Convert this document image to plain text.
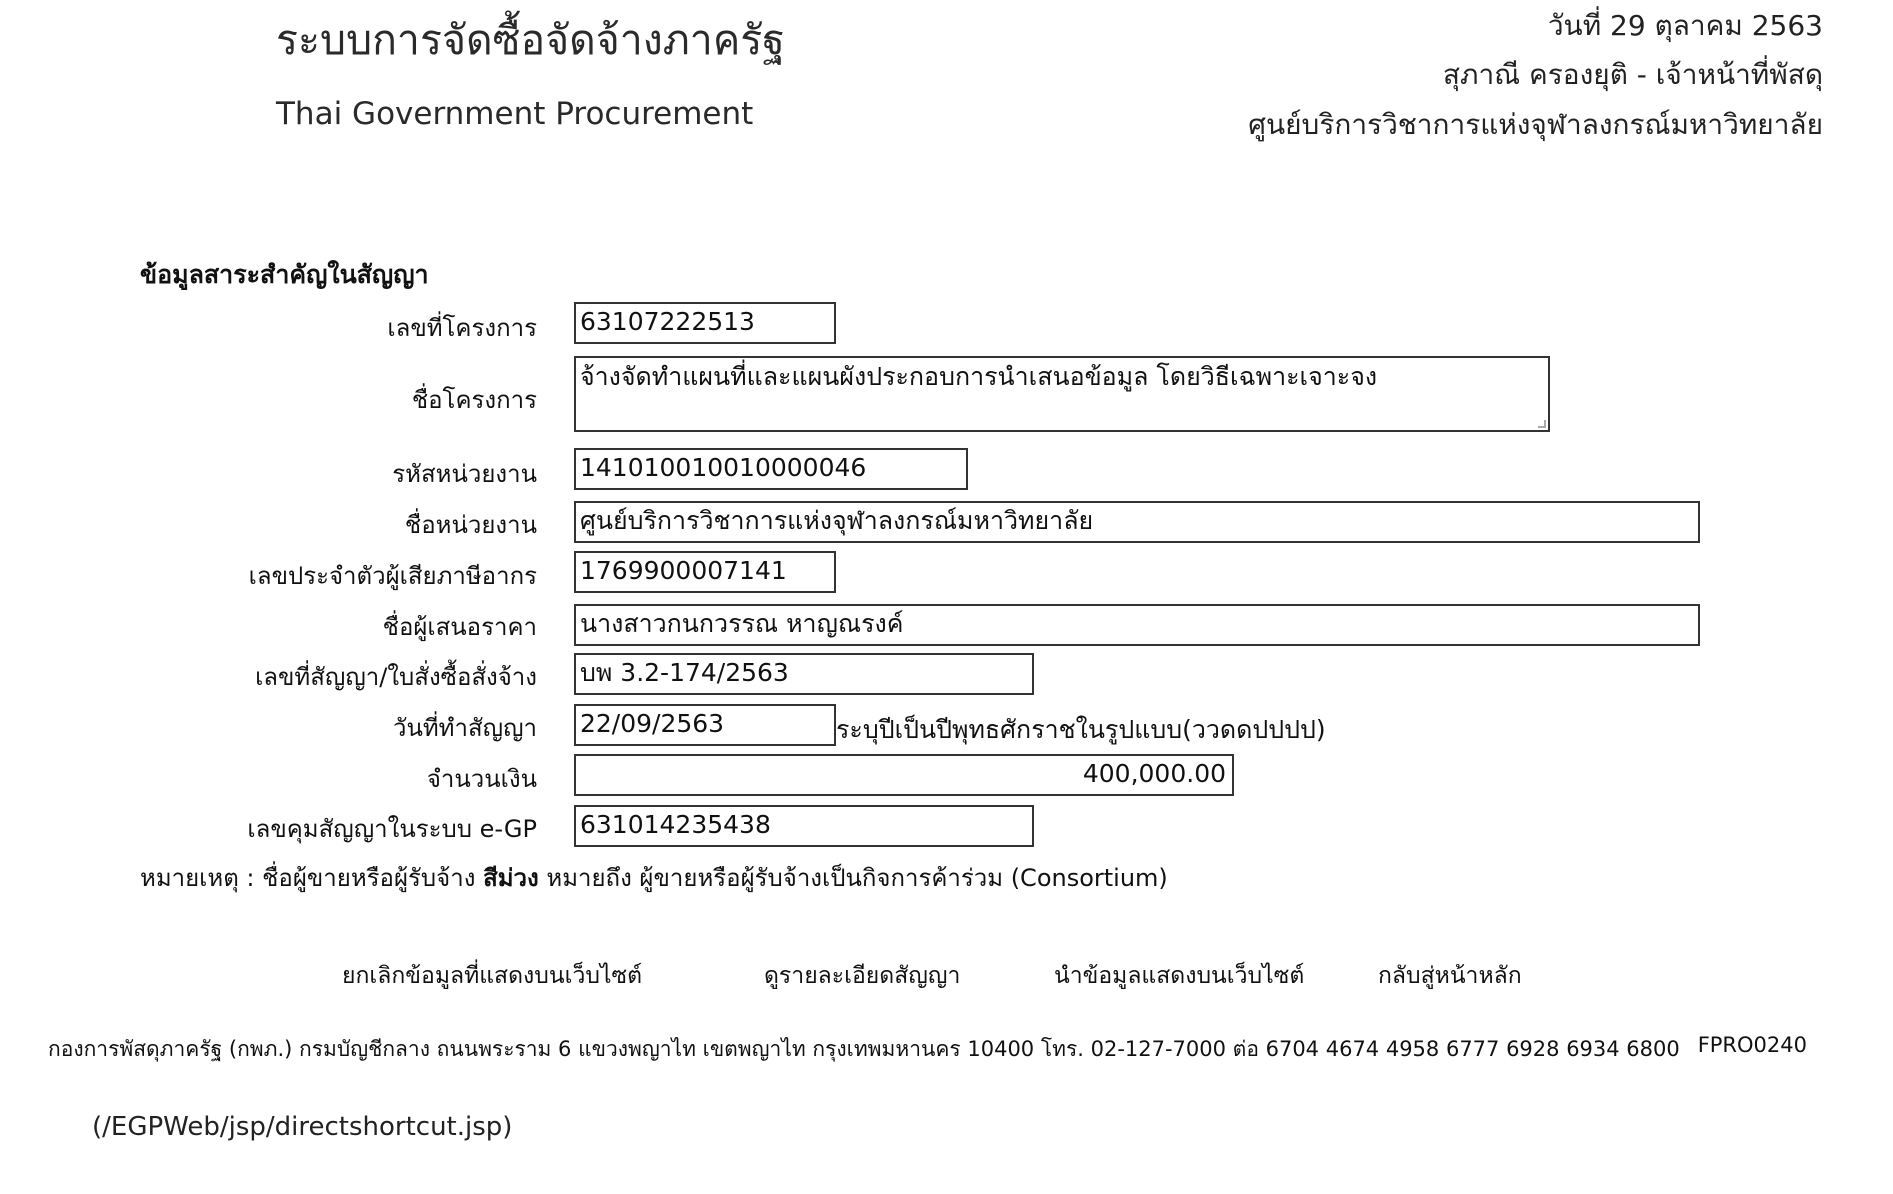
ระบบการจัดซื้อจัดจ้างภาครัฐ
Thai Government Procurement
วันที่ 29 ตุลาคม 2563
สุภาณี ครองยุติ - เจ้าหน้าที่พัสดุ
ศูนย์บริการวิชาการแห่งจุฬาลงกรณ์มหาวิทยาลัย
ข้อมูลสาระสำคัญในสัญญา
เลขที่โครงการ 63107222513
ชื่อโครงการ
จ้างจัดทำแผนที่และแผนผังประกอบการนำเสนอข้อมูล โดยวิธีเฉพาะเจาะจง
รหัสหน่วยงาน 141010010010000046
ชื่อหน่วยงาน ศูนย์บริการวิชาการแห่งจุฬาลงกรณ์มหาวิทยาลัย
เลขประจำตัวผู้เสียภาษีอากร 1769900007141
ชื่อผู้เสนอราคา นางสาวกนกวรรณ หาญณรงค์
เลขที่สัญญา/ใบสั่งซื้อสั่งจ้าง บพ 3.2-174/2563
วันที่ทำสัญญา 22/09/2563	ระบุปีเป็นปีพุทธศักราชในรูปแบบ(ววดดปปปป)
จำนวนเงิน	400,000.00
เลขคุมสัญญาในระบบ e-GP 631014235438
หมายเหตุ : ชื่อผู้ขายหรือผู้รับจ้าง สีม่วง หมายถึง ผู้ขายหรือผู้รับจ้างเป็นกิจการค้าร่วม (Consortium)
ยกเลิกข้อมูลที่แสดงบนเว็บไซต์	ดูรายละเอียดสัญญา	นำข้อมูลแสดงบนเว็บไซต์	กลับสู่หน้าหลัก
กองการพัสดุภาครัฐ (กพภ.) กรมบัญชีกลาง ถนนพระราม 6 แขวงพญาไท เขตพญาไท กรุงเทพมหานคร 10400 โทร. 02-127-7000 ต่อ 6704 4674 4958 6777 6928 6934 6800 FPRO0240
(/EGPWeb/jsp/directshortcut.jsp)
